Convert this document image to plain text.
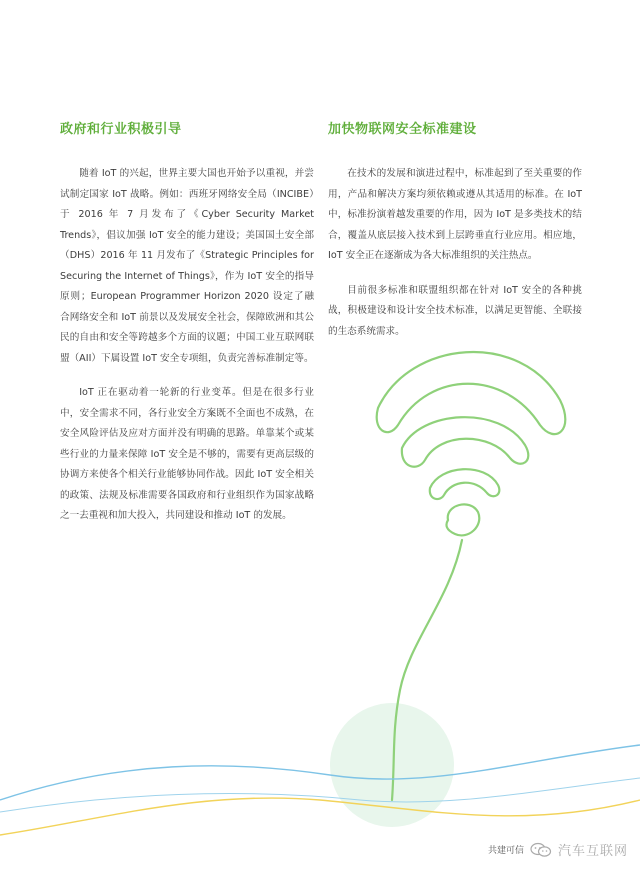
政府和行业积极引导

随着 IoT 的兴起，世界主要大国也开始予以重视，并尝试制定国家 IoT 战略。例如：西班牙网络安全局（INCIBE）于 2016 年 7 月发布了《Cyber Security Market Trends》，倡议加强 IoT 安全的能力建设；美国国土安全部（DHS）2016 年 11 月发布了《Strategic Principles for Securing the Internet of Things》，作为 IoT 安全的指导原则；European Programmer Horizon 2020 设定了融合网络安全和 IoT 前景以及发展安全社会，保障欧洲和其公民的自由和安全等跨越多个方面的议题；中国工业互联网联盟（AII）下属设置 IoT 安全专项组，负责完善标准制定等。

IoT 正在驱动着一轮新的行业变革。但是在很多行业中，安全需求不同，各行业安全方案既不全面也不成熟，在安全风险评估及应对方面并没有明确的思路。单靠某个或某些行业的力量来保障 IoT 安全是不够的，需要有更高层级的协调方来使各个相关行业能够协同作战。因此 IoT 安全相关的政策、法规及标准需要各国政府和行业组织作为国家战略之一去重视和加大投入，共同建设和推动 IoT 的发展。

加快物联网安全标准建设

在技术的发展和演进过程中，标准起到了至关重要的作用，产品和解决方案均须依赖或遵从其适用的标准。在 IoT 中，标准扮演着越发重要的作用，因为 IoT 是多类技术的结合，覆盖从底层接入技术到上层跨垂直行业应用。相应地，IoT 安全正在逐渐成为各大标准组织的关注热点。

目前很多标准和联盟组织都在针对 IoT 安全的各种挑战，积极建设和设计安全技术标准，以满足更智能、全联接的生态系统需求。

共建可信	汽车互联网
